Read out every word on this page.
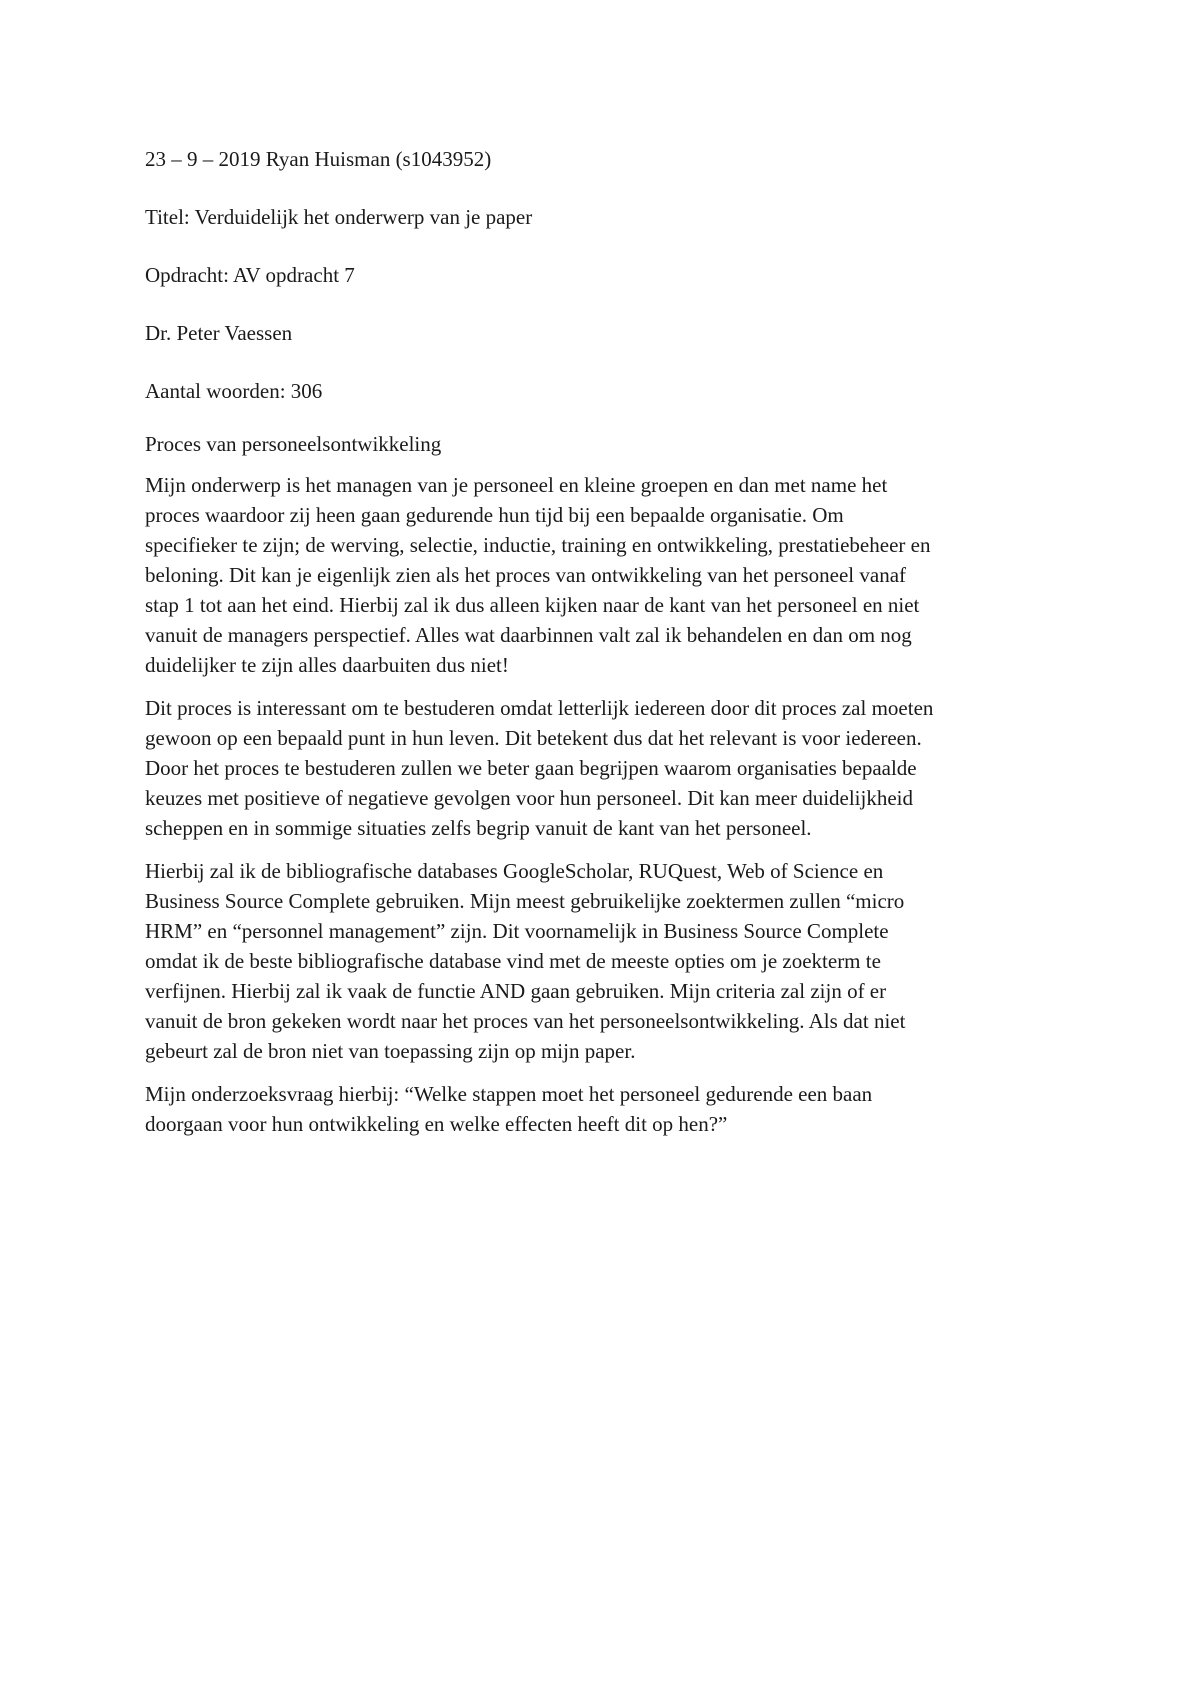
23 – 9 – 2019 Ryan Huisman (s1043952)

Titel: Verduidelijk het onderwerp van je paper

Opdracht: AV opdracht 7

Dr. Peter Vaessen

Aantal woorden: 306

Proces van personeelsontwikkeling

Mijn onderwerp is het managen van je personeel en kleine groepen en dan met name het
proces waardoor zij heen gaan gedurende hun tijd bij een bepaalde organisatie. Om
specifieker te zijn; de werving, selectie, inductie, training en ontwikkeling, prestatiebeheer en
beloning. Dit kan je eigenlijk zien als het proces van ontwikkeling van het personeel vanaf
stap 1 tot aan het eind. Hierbij zal ik dus alleen kijken naar de kant van het personeel en niet
vanuit de managers perspectief. Alles wat daarbinnen valt zal ik behandelen en dan om nog
duidelijker te zijn alles daarbuiten dus niet!
Dit proces is interessant om te bestuderen omdat letterlijk iedereen door dit proces zal moeten
gewoon op een bepaald punt in hun leven. Dit betekent dus dat het relevant is voor iedereen.
Door het proces te bestuderen zullen we beter gaan begrijpen waarom organisaties bepaalde
keuzes met positieve of negatieve gevolgen voor hun personeel. Dit kan meer duidelijkheid
scheppen en in sommige situaties zelfs begrip vanuit de kant van het personeel.
Hierbij zal ik de bibliografische databases GoogleScholar, RUQuest, Web of Science en
Business Source Complete gebruiken. Mijn meest gebruikelijke zoektermen zullen “micro
HRM” en “personnel management” zijn. Dit voornamelijk in Business Source Complete
omdat ik de beste bibliografische database vind met de meeste opties om je zoekterm te
verfijnen. Hierbij zal ik vaak de functie AND gaan gebruiken. Mijn criteria zal zijn of er
vanuit de bron gekeken wordt naar het proces van het personeelsontwikkeling. Als dat niet
gebeurt zal de bron niet van toepassing zijn op mijn paper.
Mijn onderzoeksvraag hierbij: “Welke stappen moet het personeel gedurende een baan
doorgaan voor hun ontwikkeling en welke effecten heeft dit op hen?”
